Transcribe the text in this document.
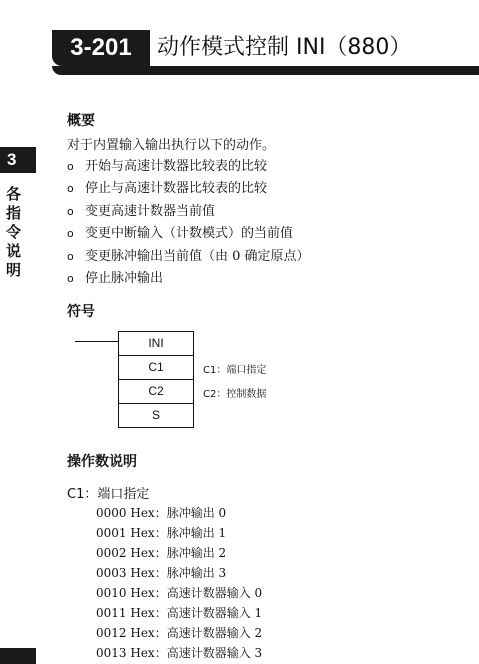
3-201 动作模式控制 INI（880）
3
各指令说明
概要
对于内置输入输出执行以下的动作。
o 开始与高速计数器比较表的比较
o 停止与高速计数器比较表的比较
o 变更高速计数器当前值
o 变更中断输入（计数模式）的当前值
o 变更脉冲输出当前值（由 0 确定原点）
o 停止脉冲输出
符号
INI
C1
C2
S
C1：端口指定
C2：控制数据
操作数说明
C1：端口指定
0000 Hex：脉冲输出 0
0001 Hex：脉冲输出 1
0002 Hex：脉冲输出 2
0003 Hex：脉冲输出 3
0010 Hex：高速计数器输入 0
0011 Hex：高速计数器输入 1
0012 Hex：高速计数器输入 2
0013 Hex：高速计数器输入 3
